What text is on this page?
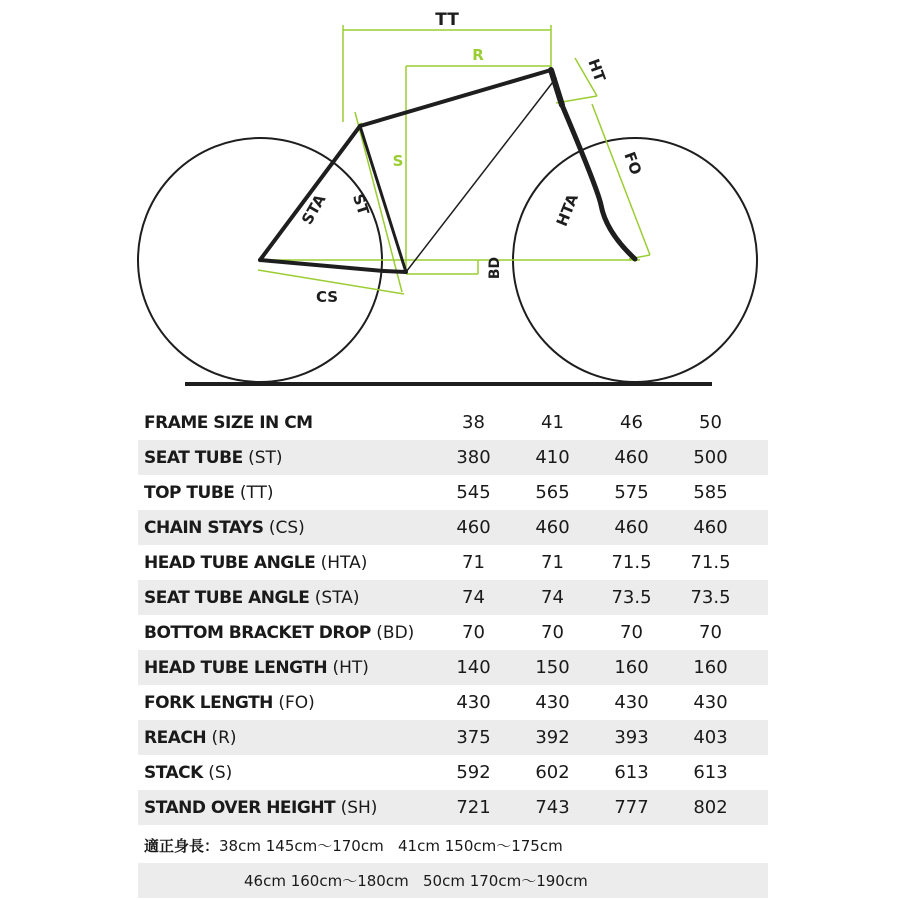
TT
R
S
HT
FO
HTA
STA ST
BD
CS
FRAME SIZE IN CM	38	41	46	50
SEAT TUBE (ST)	380	410	460	500
TOP TUBE (TT)	545	565	575	585
CHAIN STAYS (CS)	460	460	460	460
HEAD TUBE ANGLE (HTA)	71	71	71.5	71.5
SEAT TUBE ANGLE (STA)	74	74	73.5	73.5
BOTTOM BRACKET DROP (BD)	70	70	70	70
HEAD TUBE LENGTH (HT)	140	150	160	160
FORK LENGTH (FO)	430	430	430	430
REACH (R)	375	392	393	403
STACK (S)	592	602	613	613
STAND OVER HEIGHT (SH)	721	743	777	802
適正身長： 38cm 145cm～170cm   41cm 150cm～175cm
46cm 160cm～180cm   50cm 170cm～190cm
